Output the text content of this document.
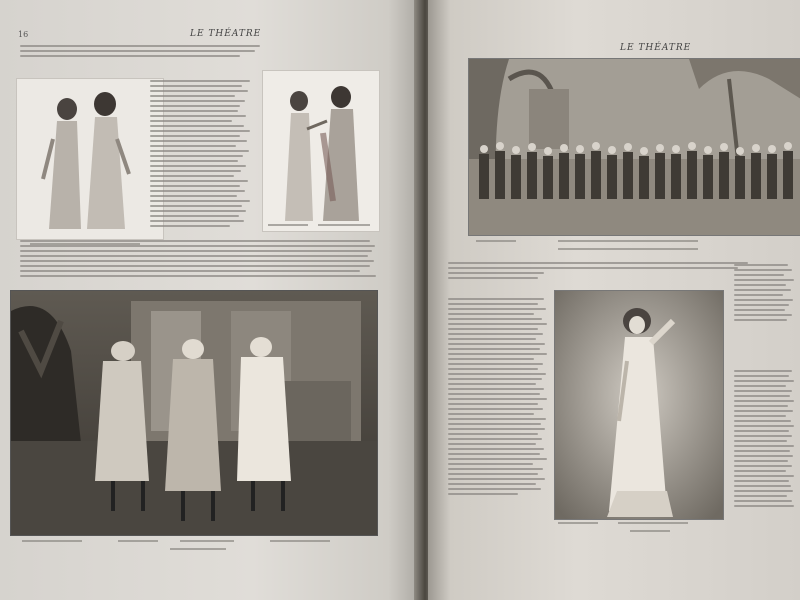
16	LE THÉATRE
LE THÉATRE
